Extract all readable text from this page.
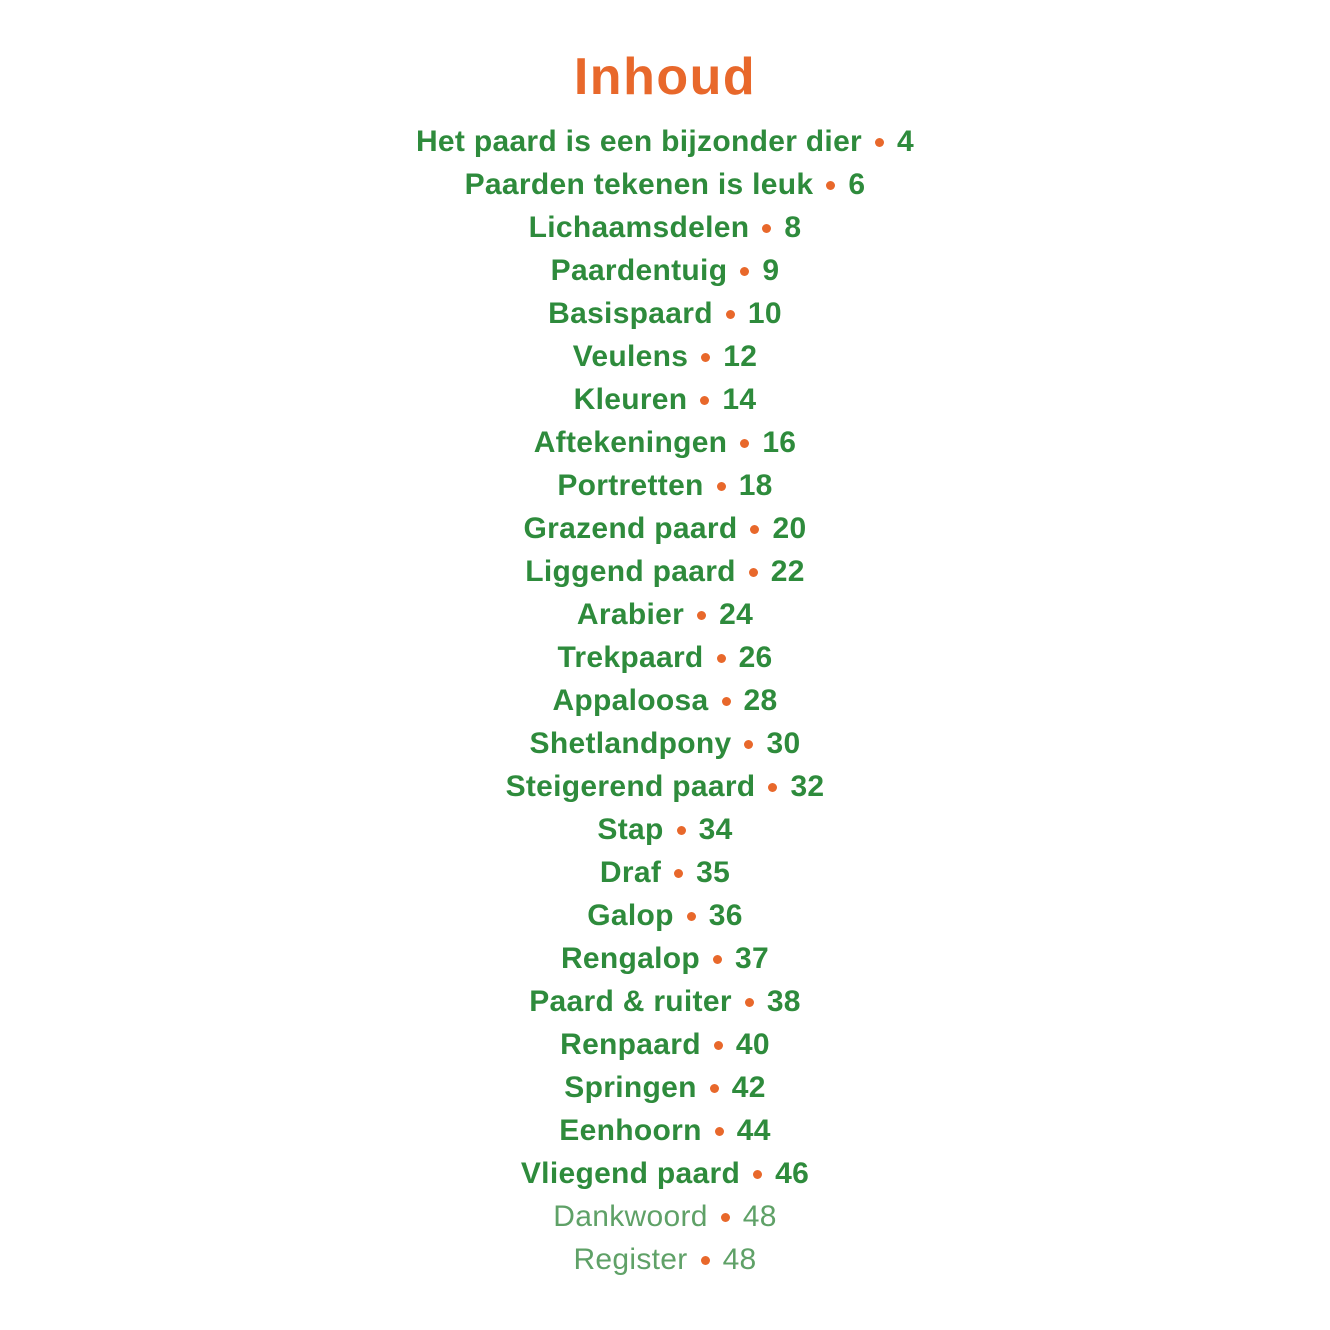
Inhoud
Het paard is een bijzonder dier 4
Paarden tekenen is leuk 6
Lichaamsdelen 8
Paardentuig 9
Basispaard 10
Veulens 12
Kleuren 14
Aftekeningen 16
Portretten 18
Grazend paard 20
Liggend paard 22
Arabier 24
Trekpaard 26
Appaloosa 28
Shetlandpony 30
Steigerend paard 32
Stap 34
Draf 35
Galop 36
Rengalop 37
Paard & ruiter 38
Renpaard 40
Springen 42
Eenhoorn 44
Vliegend paard 46
Dankwoord 48
Register 48
